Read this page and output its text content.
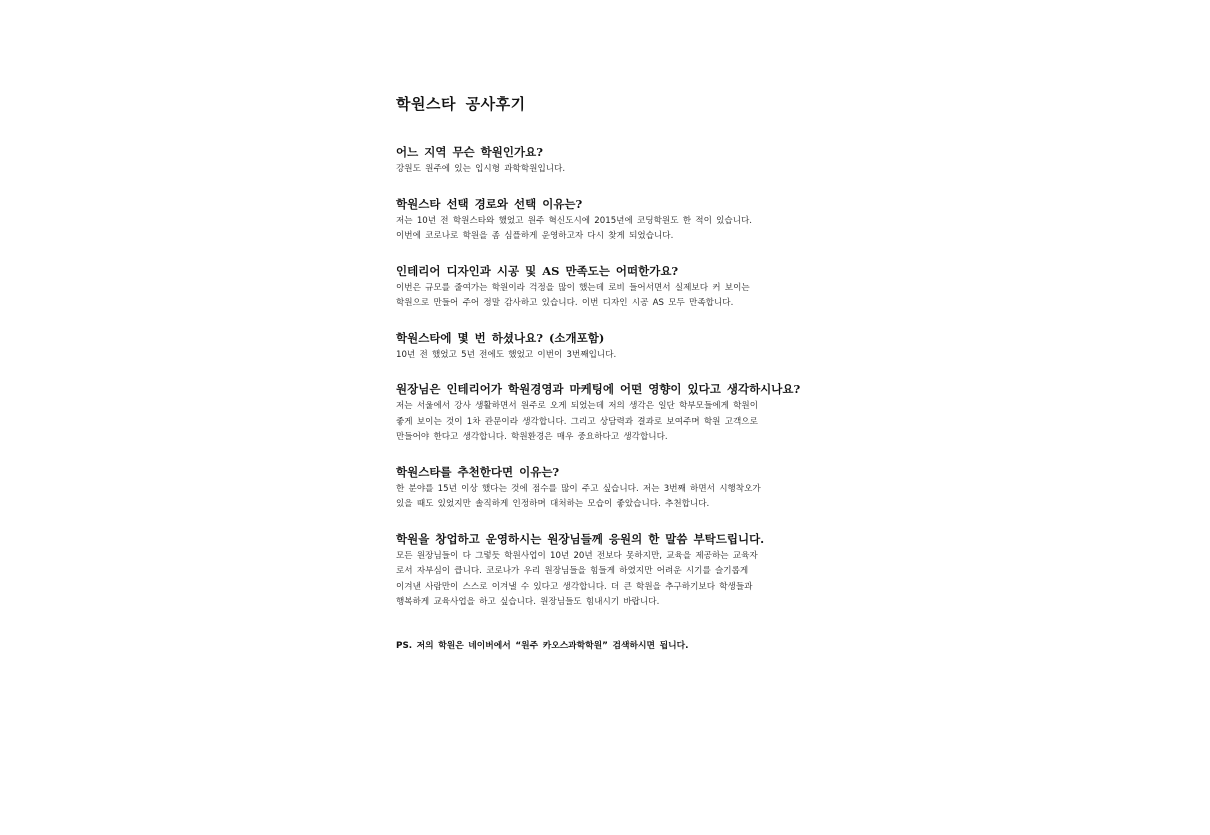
학원스타 공사후기
어느 지역 무슨 학원인가요?

강원도 원주에 있는 입시형 과학학원입니다.

학원스타 선택 경로와 선택 이유는?

저는 10년 전 학원스타와 했었고 원주 혁신도시에 2015년에 코딩학원도 한 적이 있습니다.
이번에 코로나로 학원을 좀 심플하게 운영하고자 다시 찾게 되었습니다.

인테리어 디자인과 시공 및 AS 만족도는 어떠한가요?

이번은 규모를 줄여가는 학원이라 걱정을 많이 했는데 로비 들어서면서 실제보다 커 보이는
학원으로 만들어 주어 정말 감사하고 있습니다. 이번 디자인 시공 AS 모두 만족합니다.

학원스타에 몇 번 하셨나요? (소개포함)

10년 전 했었고 5년 전에도 했었고 이번이 3번째입니다.

원장님은 인테리어가 학원경영과 마케팅에 어떤 영향이 있다고 생각하시나요?

저는 서울에서 강사 생활하면서 원주로 오게 되었는데 저의 생각은 일단 학부모들에게 학원이
좋게 보이는 것이 1차 관문이라 생각합니다. 그리고 상담력과 결과로 보여주며 학원 고객으로
만들어야 한다고 생각합니다. 학원환경은 매우 중요하다고 생각합니다.

학원스타를 추천한다면 이유는?

한 분야를 15년 이상 했다는 것에 점수를 많이 주고 싶습니다. 저는 3번째 하면서 시행착오가
있을 때도 있었지만 솔직하게 인정하며 대처하는 모습이 좋았습니다. 추천합니다.

학원을 창업하고 운영하시는 원장님들께 응원의 한 말씀 부탁드립니다.

모든 원장님들이 다 그렇듯 학원사업이 10년 20년 전보다 못하지만, 교육을 제공하는 교육자
로서 자부심이 큽니다. 코로나가 우리 원장님들을 힘들게 하였지만 어려운 시기를 슬기롭게
이겨낸 사람만이 스스로 이겨낼 수 있다고 생각합니다. 더 큰 학원을 추구하기보다 학생들과
행복하게 교육사업을 하고 싶습니다. 원장님들도 힘내시기 바랍니다.

PS. 저의 학원은 네이버에서 “원주 카오스과학학원” 검색하시면 됩니다.
